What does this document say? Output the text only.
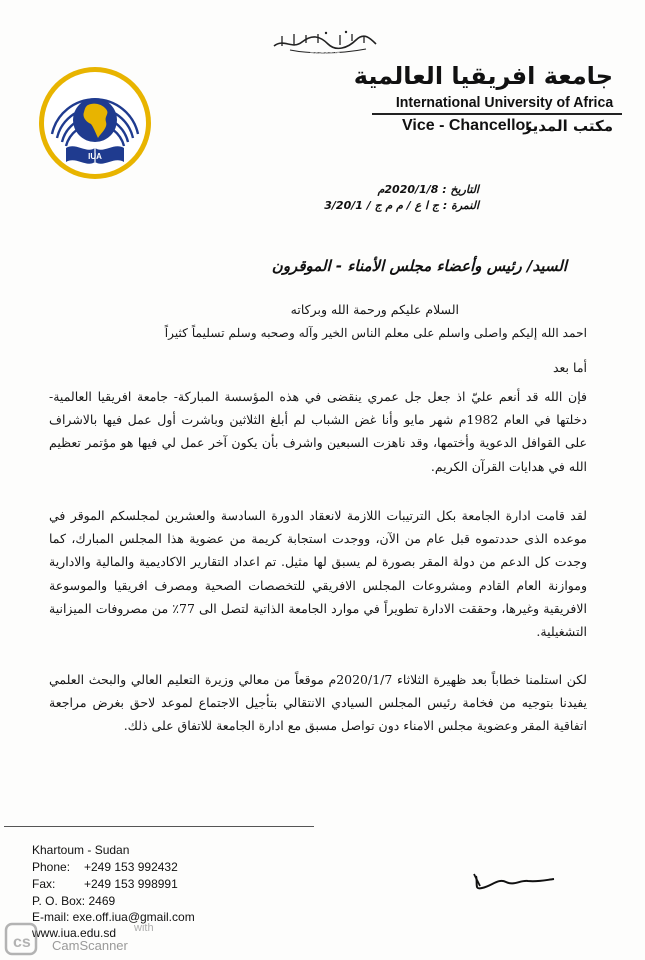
بسم الله الرحمن الرحيم
IUA
جامعة افريقيا العالمية
International University of Africa
Vice - Chancellor
مكتب المدير
التاريخ : 2020/1/8م
النمرة : ج ا ع / م م ج / 3/20/1
السيد/ رئيس وأعضاء مجلس الأمناء - الموقرون

السلام عليكم ورحمة الله وبركاته

احمد الله إليكم واصلى واسلم على معلم الناس الخير وآله وصحبه وسلم تسليماً كثيراً

أما بعد

فإن الله قد أنعم عليّ اذ جعل جل عمري ينقضى في هذه المؤسسة المباركة- جامعة افريقيا العالمية- دخلتها في العام 1982م شهر مايو وأنا غض الشباب لم أبلغ الثلاثين وباشرت أول عمل فيها بالاشراف على القوافل الدعوية وأختمها، وقد ناهزت السبعين واشرف بأن يكون آخر عمل لي فيها هو مؤتمر تعظيم الله في هدايات القرآن الكريم.

لقد قامت ادارة الجامعة بكل الترتيبات اللازمة لانعقاد الدورة السادسة والعشرين لمجلسكم الموقر في موعده الذى حددتموه قبل عام من الآن، ووجدت استجابة كريمة من عضوية هذا المجلس المبارك، كما وجدت كل الدعم من دولة المقر بصورة لم يسبق لها مثيل. تم اعداد التقارير الاكاديمية والمالية والادارية وموازنة العام القادم ومشروعات المجلس الافريقي للتخصصات الصحية ومصرف افريقيا والموسوعة الافريقية وغيرها، وحققت الادارة تطويراً في موارد الجامعة الذاتية لتصل الى 77٪ من مصروفات الميزانية التشغيلية.

لكن استلمنا خطاباً بعد ظهيرة الثلاثاء 2020/1/7م موقعاً من معالي وزيرة التعليم العالي والبحث العلمي يفيدنا بتوجيه من فخامة رئيس المجلس السيادي الانتقالي بتأجيل الاجتماع لموعد لاحق بغرض مراجعة اتفاقية المقر وعضوية مجلس الامناء دون تواصل مسبق مع ادارة الجامعة للاتفاق على ذلك.

Khartoum - Sudan
Phone: +249 153 992432
Fax: +249 153 998991
P. O. Box: 2469
E-mail: exe.off.iua@gmail.com
www.iua.edu.sd
cs
with
CamScanner
